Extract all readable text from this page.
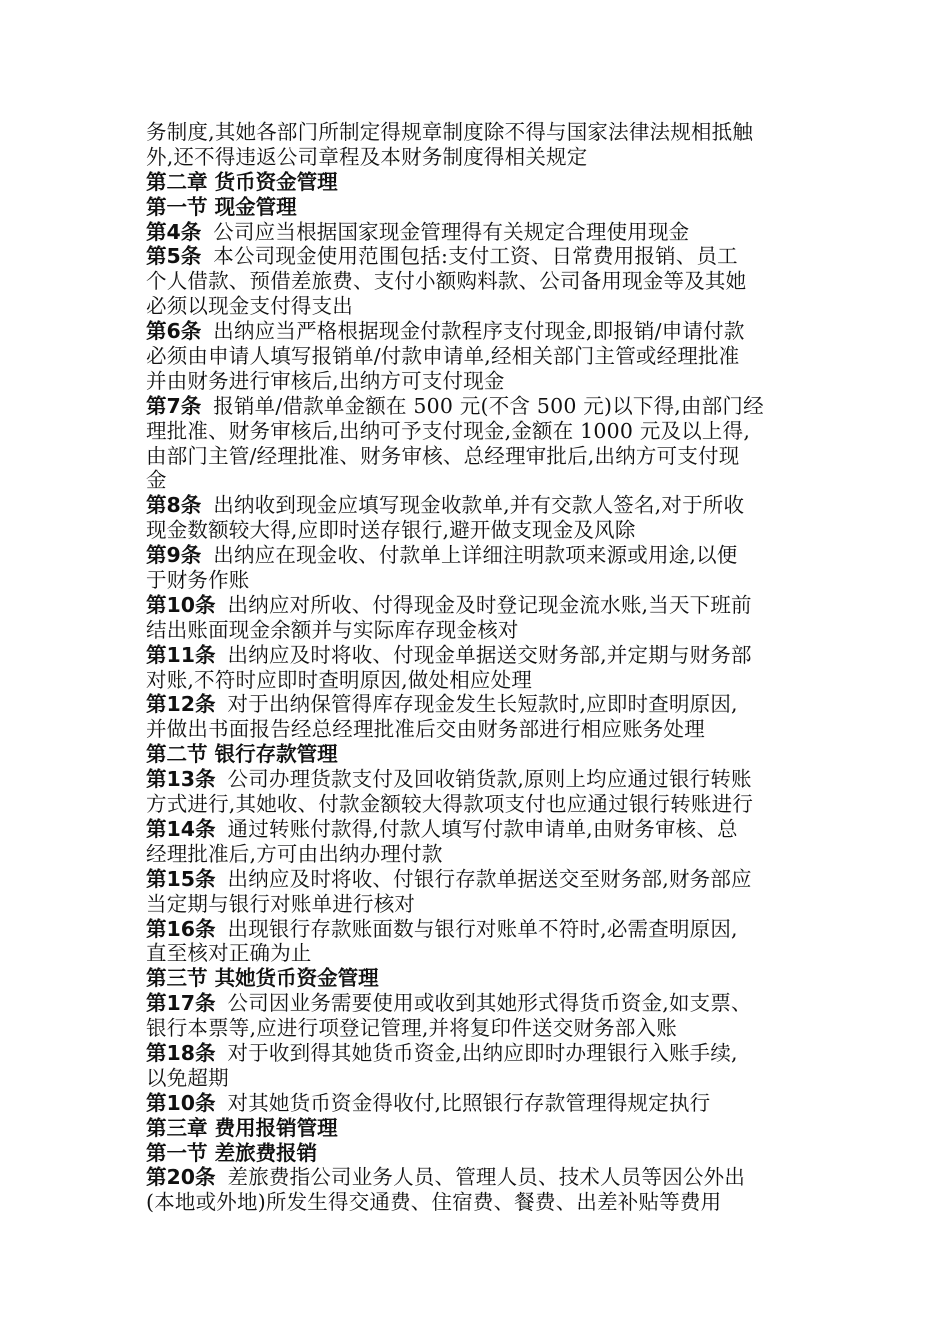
务制度,其她各部门所制定得规章制度除不得与国家法律法规相抵触
外,还不得违返公司章程及本财务制度得相关规定
第二章 货币资金管理
第一节 现金管理
第4条 公司应当根据国家现金管理得有关规定合理使用现金
第5条 本公司现金使用范围包括:支付工资、日常费用报销、员工
个人借款、预借差旅费、支付小额购料款、公司备用现金等及其她
必须以现金支付得支出
第6条 出纳应当严格根据现金付款程序支付现金,即报销/申请付款
必须由申请人填写报销单/付款申请单,经相关部门主管或经理批准
并由财务进行审核后,出纳方可支付现金
第7条 报销单/借款单金额在 500 元(不含 500 元)以下得,由部门经
理批准、财务审核后,出纳可予支付现金,金额在 1000 元及以上得,
由部门主管/经理批准、财务审核、总经理审批后,出纳方可支付现
金
第8条 出纳收到现金应填写现金收款单,并有交款人签名,对于所收
现金数额较大得,应即时送存银行,避开做支现金及风除
第9条 出纳应在现金收、付款单上详细注明款项来源或用途,以便
于财务作账
第10条 出纳应对所收、付得现金及时登记现金流水账,当天下班前
结出账面现金余额并与实际库存现金核对
第11条 出纳应及时将收、付现金单据送交财务部,并定期与财务部
对账,不符时应即时查明原因,做处相应处理
第12条 对于出纳保管得库存现金发生长短款时,应即时查明原因,
并做出书面报告经总经理批准后交由财务部进行相应账务处理
第二节 银行存款管理
第13条 公司办理货款支付及回收销货款,原则上均应通过银行转账
方式进行,其她收、付款金额较大得款项支付也应通过银行转账进行
第14条 通过转账付款得,付款人填写付款申请单,由财务审核、总
经理批准后,方可由出纳办理付款
第15条 出纳应及时将收、付银行存款单据送交至财务部,财务部应
当定期与银行对账单进行核对
第16条 出现银行存款账面数与银行对账单不符时,必需查明原因,
直至核对正确为止
第三节 其她货币资金管理
第17条 公司因业务需要使用或收到其她形式得货币资金,如支票、
银行本票等,应进行项登记管理,并将复印件送交财务部入账
第18条 对于收到得其她货币资金,出纳应即时办理银行入账手续,
以免超期
第10条 对其她货币资金得收付,比照银行存款管理得规定执行
第三章 费用报销管理
第一节 差旅费报销
第20条 差旅费指公司业务人员、管理人员、技术人员等因公外出
(本地或外地)所发生得交通费、住宿费、餐费、出差补贴等费用
